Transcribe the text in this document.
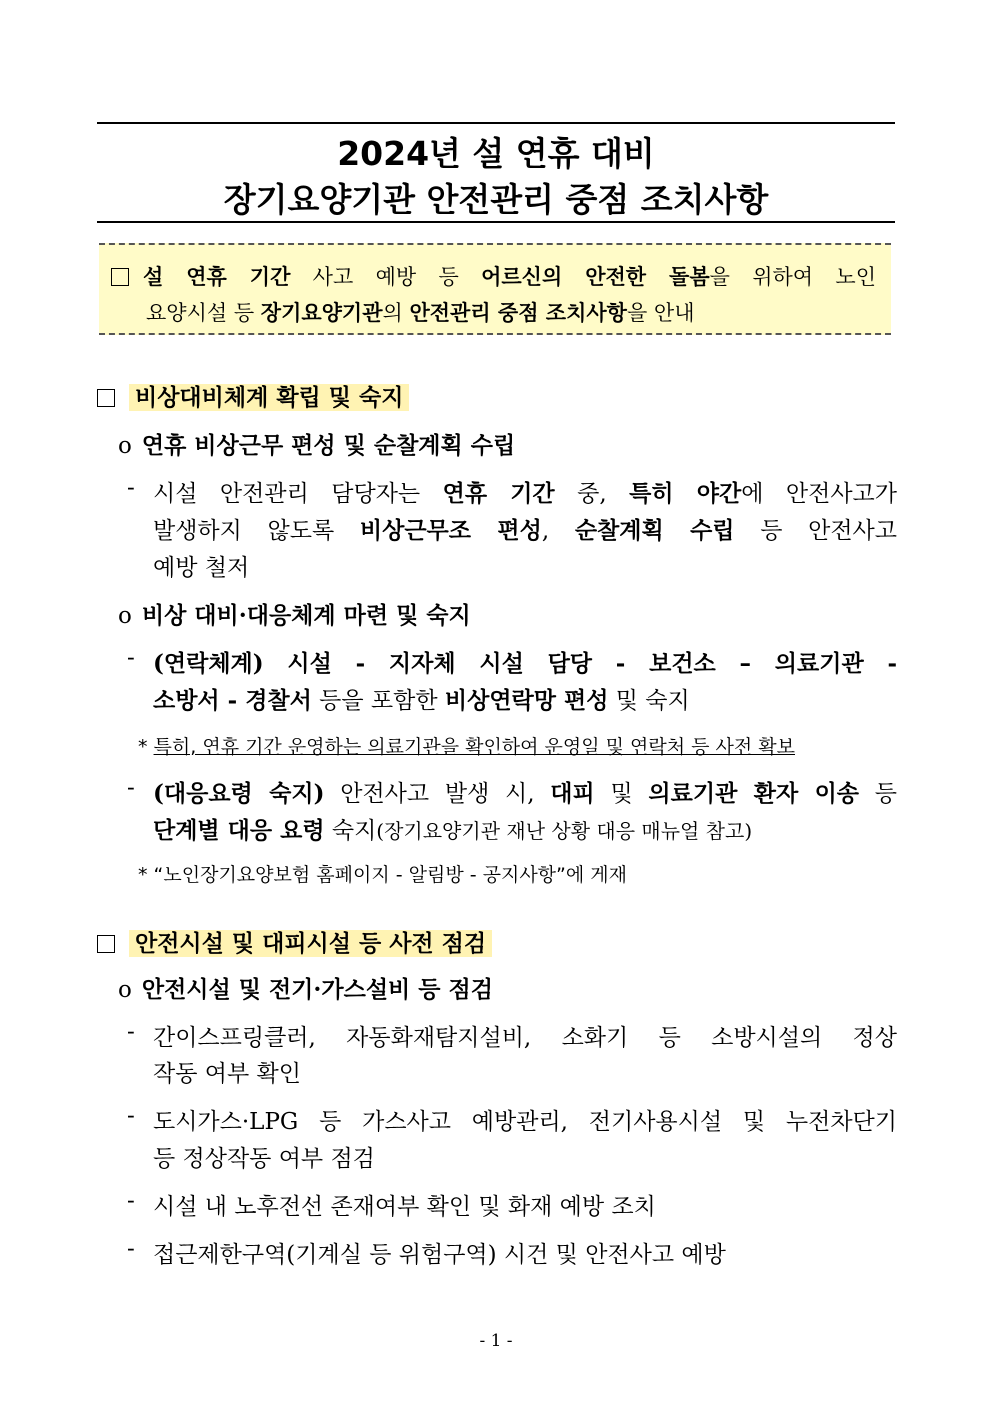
2024년 설 연휴 대비
장기요양기관 안전관리 중점 조치사항
설 연휴 기간 사고 예방 등 어르신의 안전한 돌봄을 위하여 노인
요양시설 등 장기요양기관의 안전관리 중점 조치사항을 안내
비상대비체계 확립 및 숙지
o 연휴 비상근무 편성 및 순찰계획 수립
- 시설 안전관리 담당자는 연휴 기간 중, 특히 야간에 안전사고가
발생하지 않도록 비상근무조 편성, 순찰계획 수립 등 안전사고
예방 철저
o 비상 대비·대응체계 마련 및 숙지
- (연락체계) 시설 - 지자체 시설 담당 - 보건소 – 의료기관 -
소방서 - 경찰서 등을 포함한 비상연락망 편성 및 숙지
* 특히, 연휴 기간 운영하는 의료기관을 확인하여 운영일 및 연락처 등 사전 확보
- (대응요령 숙지) 안전사고 발생 시, 대피 및 의료기관 환자 이송 등
단계별 대응 요령 숙지(장기요양기관 재난 상황 대응 매뉴얼 참고)
* “노인장기요양보험 홈페이지 - 알림방 - 공지사항”에 게재
안전시설 및 대피시설 등 사전 점검
o 안전시설 및 전기·가스설비 등 점검
- 간이스프링클러, 자동화재탐지설비, 소화기 등 소방시설의 정상
작동 여부 확인
- 도시가스·LPG 등 가스사고 예방관리, 전기사용시설 및 누전차단기
등 정상작동 여부 점검
- 시설 내 노후전선 존재여부 확인 및 화재 예방 조치
- 접근제한구역(기계실 등 위험구역) 시건 및 안전사고 예방
- 1 -
